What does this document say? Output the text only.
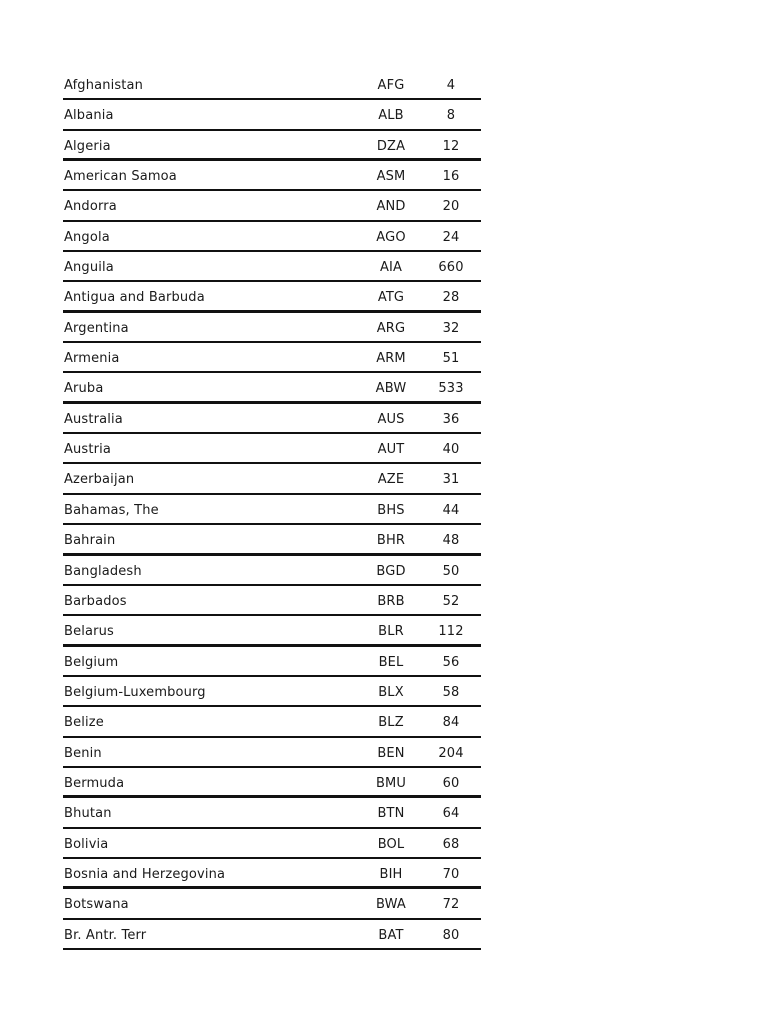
Afghanistan	AFG	4
Albania	ALB	8
Algeria	DZA	12
American Samoa	ASM	16
Andorra	AND	20
Angola	AGO	24
Anguila	AIA	660
Antigua and Barbuda	ATG	28
Argentina	ARG	32
Armenia	ARM	51
Aruba	ABW	533
Australia	AUS	36
Austria	AUT	40
Azerbaijan	AZE	31
Bahamas, The	BHS	44
Bahrain	BHR	48
Bangladesh	BGD	50
Barbados	BRB	52
Belarus	BLR	112
Belgium	BEL	56
Belgium-Luxembourg	BLX	58
Belize	BLZ	84
Benin	BEN	204
Bermuda	BMU	60
Bhutan	BTN	64
Bolivia	BOL	68
Bosnia and Herzegovina	BIH	70
Botswana	BWA	72
Br. Antr. Terr	BAT	80
